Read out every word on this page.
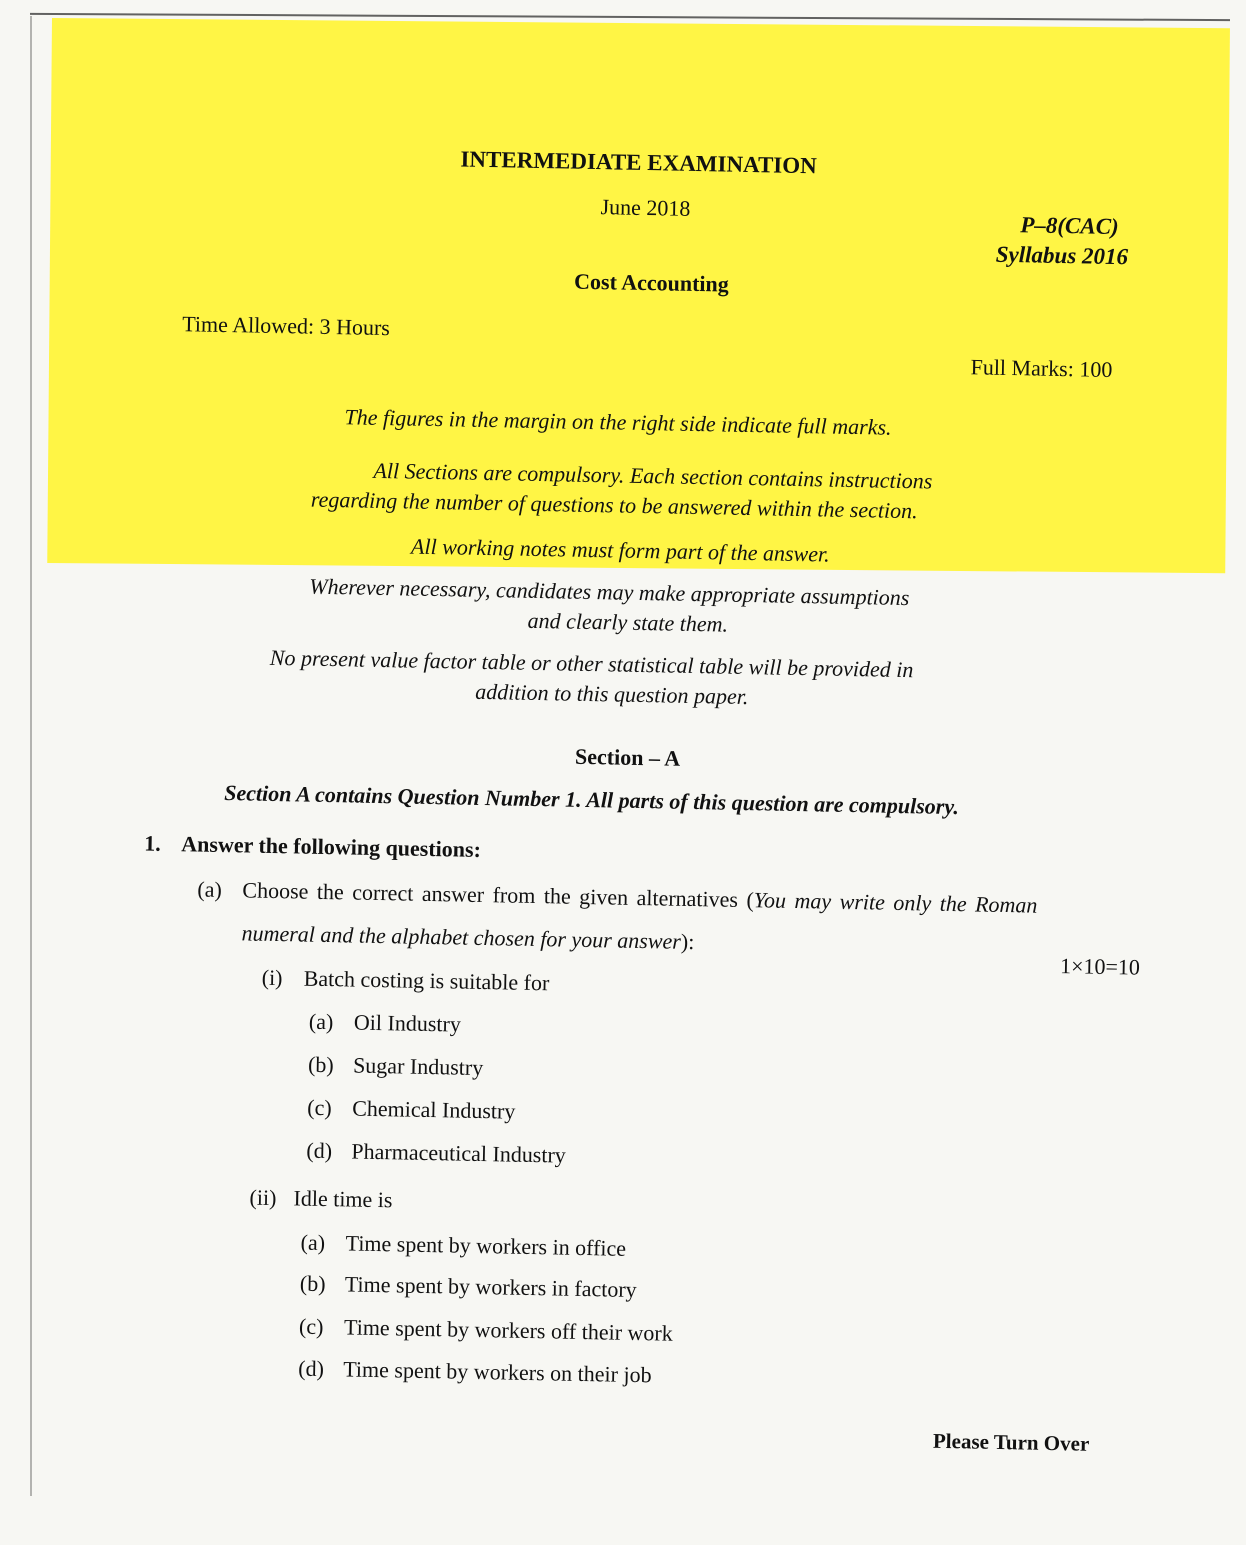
INTERMEDIATE EXAMINATION
June 2018
P–8(CAC)
Syllabus 2016
Cost Accounting
Time Allowed: 3 Hours
Full Marks: 100
The figures in the margin on the right side indicate full marks.
All Sections are compulsory. Each section contains instructions
regarding the number of questions to be answered within the section.
All working notes must form part of the answer.
Wherever necessary, candidates may make appropriate assumptions
and clearly state them.
No present value factor table or other statistical table will be provided in
addition to this question paper.
Section – A
Section A contains Question Number 1. All parts of this question are compulsory.
1. Answer the following questions:
(a) Choose the correct answer from the given alternatives (You may write only the Roman
numeral and the alphabet chosen for your answer):
1×10=10
(i) Batch costing is suitable for
(a) Oil Industry
(b) Sugar Industry
(c) Chemical Industry
(d) Pharmaceutical Industry
(ii) Idle time is
(a) Time spent by workers in office
(b) Time spent by workers in factory
(c) Time spent by workers off their work
(d) Time spent by workers on their job
Please Turn Over
